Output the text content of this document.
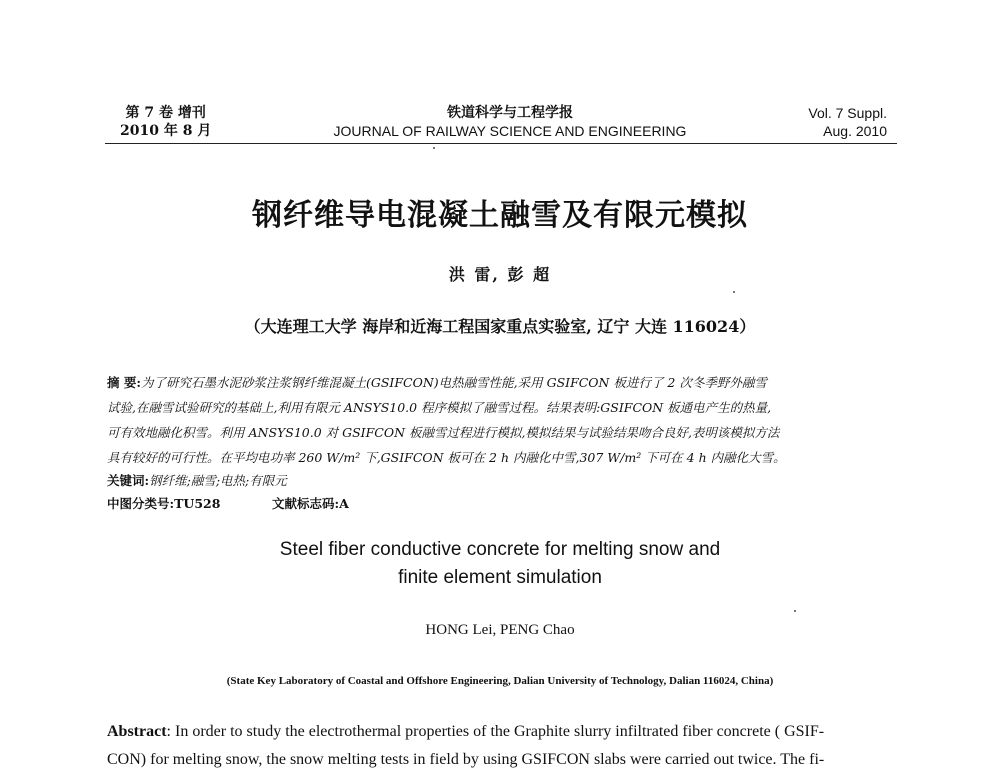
第 7 卷 增刊
2010 年 8 月
铁道科学与工程学报
JOURNAL OF RAILWAY SCIENCE AND ENGINEERING
Vol. 7 Suppl.
Aug. 2010
钢纤维导电混凝土融雪及有限元模拟
洪 雷, 彭 超
（大连理工大学 海岸和近海工程国家重点实验室, 辽宁 大连 116024）
摘 要:为了研究石墨水泥砂浆注浆钢纤维混凝土(GSIFCON)电热融雪性能,采用 GSIFCON 板进行了 2 次冬季野外融雪
试验,在融雪试验研究的基础上,利用有限元 ANSYS10.0 程序模拟了融雪过程。结果表明:GSIFCON 板通电产生的热量,
可有效地融化积雪。利用 ANSYS10.0 对 GSIFCON 板融雪过程进行模拟,模拟结果与试验结果吻合良好,表明该模拟方法
具有较好的可行性。在平均电功率 260 W/m² 下,GSIFCON 板可在 2 h 内融化中雪,307 W/m² 下可在 4 h 内融化大雪。
关键词:钢纤维;融雪;电热;有限元
中图分类号:TU528	文献标志码:A
Steel fiber conductive concrete for melting snow and
finite element simulation
HONG Lei, PENG Chao
(State Key Laboratory of Coastal and Offshore Engineering, Dalian University of Technology, Dalian 116024, China)
Abstract: In order to study the electrothermal properties of the Graphite slurry infiltrated fiber concrete ( GSIF-
CON) for melting snow, the snow melting tests in field by using GSIFCON slabs were carried out twice. The fi-
